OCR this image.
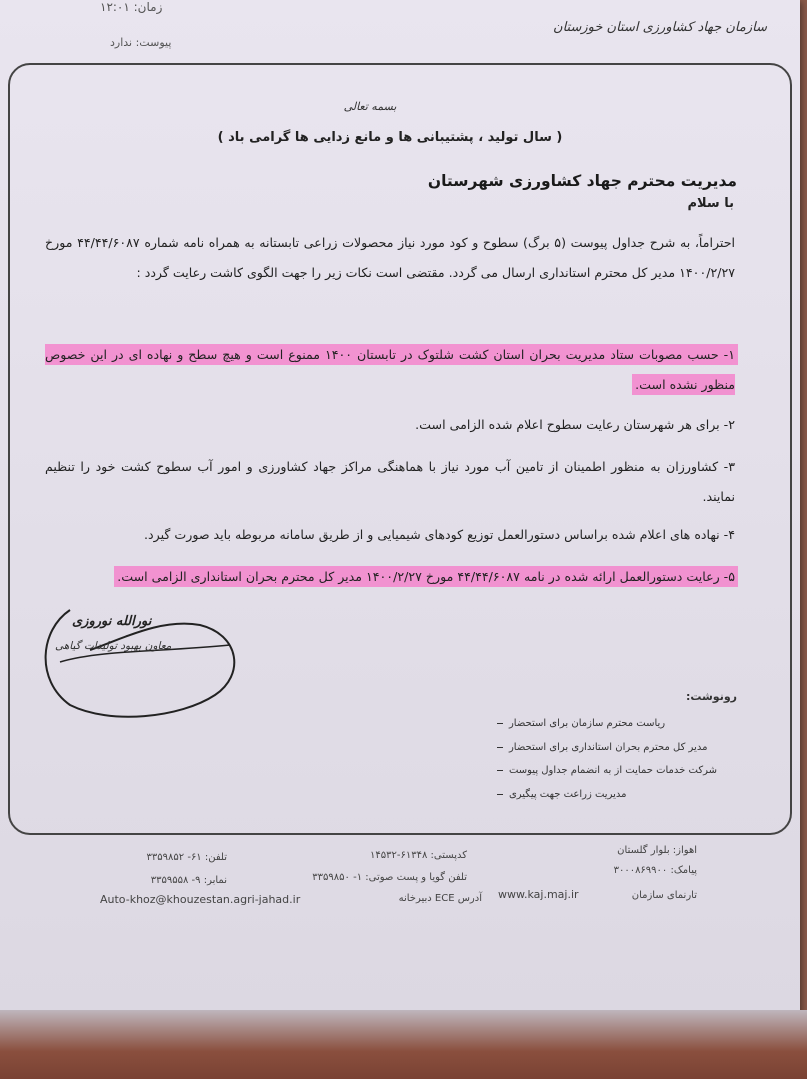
زمان: ۱۲:۰۱
پیوست: ندارد
سازمان جهاد کشاورزی استان خوزستان
بسمه تعالی
( سال تولید ، پشتیبانی ها و مانع زدایی ها گرامی باد )
مدیریت محترم جهاد کشاورزی شهرستان
با سلام
احتراماً، به شرح جداول پیوست (۵ برگ) سطوح و کود مورد نیاز محصولات زراعی تابستانه به همراه نامه شماره ۴۴/۴۴/۶۰۸۷ مورخ ۱۴۰۰/۲/۲۷ مدیر کل محترم استانداری ارسال می گردد. مقتضی است نکات زیر را جهت الگوی کاشت رعایت گردد :
۱- حسب مصوبات ستاد مدیریت بحران استان کشت شلتوک در تابستان ۱۴۰۰ ممنوع است و هیچ سطح و نهاده ای در این خصوص منظور نشده است.
۲- برای هر شهرستان رعایت سطوح اعلام شده الزامی است.
۳- کشاورزان به منظور اطمینان از تامین آب مورد نیاز با هماهنگی مراکز جهاد کشاورزی و امور آب سطوح کشت خود را تنظیم نمایند.
۴- نهاده های اعلام شده براساس دستورالعمل توزیع کودهای شیمیایی و از طریق سامانه مربوطه باید صورت گیرد.
۵- رعایت دستورالعمل ارائه شده در نامه ۴۴/۴۴/۶۰۸۷ مورخ ۱۴۰۰/۲/۲۷ مدیر کل محترم بحران استانداری الزامی است.
نورالله نوروزی
معاون بهبود تولیدات گیاهی
رونوشت:
ریاست محترم سازمان برای استحضار
مدیر کل محترم بحران استانداری برای استحضار
شرکت خدمات حمایت از به انضمام جداول پیوست
مدیریت زراعت جهت پیگیری
اهواز: بلوار گلستان
پیامک: ۳۰۰۰۸۶۹۹۰۰
کدپستی: ۶۱۳۴۸-۱۴۵۳۲
تلفن گویا و پست صوتی: ۱- ۳۳۵۹۸۵۰
تلفن: ۶۱- ۳۳۵۹۸۵۲
نمابر: ۹- ۳۳۵۹۵۵۸
تارنمای سازمان
www.kaj.maj.ir
آدرس ECE دبیرخانه
Auto-khoz@khouzestan.agri-jahad.ir
